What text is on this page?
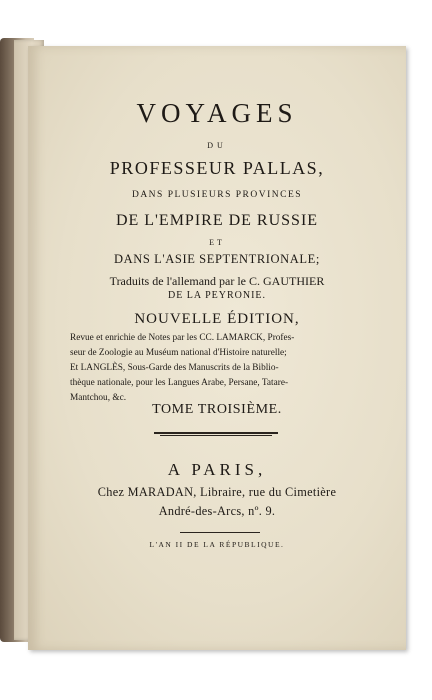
VOYAGES
DU
PROFESSEUR PALLAS,
DANS PLUSIEURS PROVINCES
DE L'EMPIRE DE RUSSIE
ET
DANS L'ASIE SEPTENTRIONALE;
Traduits de l'allemand par le C. GAUTHIER
DE LA PEYRONIE.
NOUVELLE ÉDITION,
Revue et enrichie de Notes par les CC. LAMARCK, Profes-
seur de Zoologie au Muséum national d'Histoire naturelle;
Et LANGLÈS, Sous-Garde des Manuscrits de la Biblio-
thèque nationale, pour les Langues Arabe, Persane, Tatare-
Mantchou, &c.
TOME TROISIÈME.
A PARIS,
Chez MARADAN, Libraire, rue du Cimetière
André-des-Arcs, nº. 9.
L'AN II DE LA RÉPUBLIQUE.
